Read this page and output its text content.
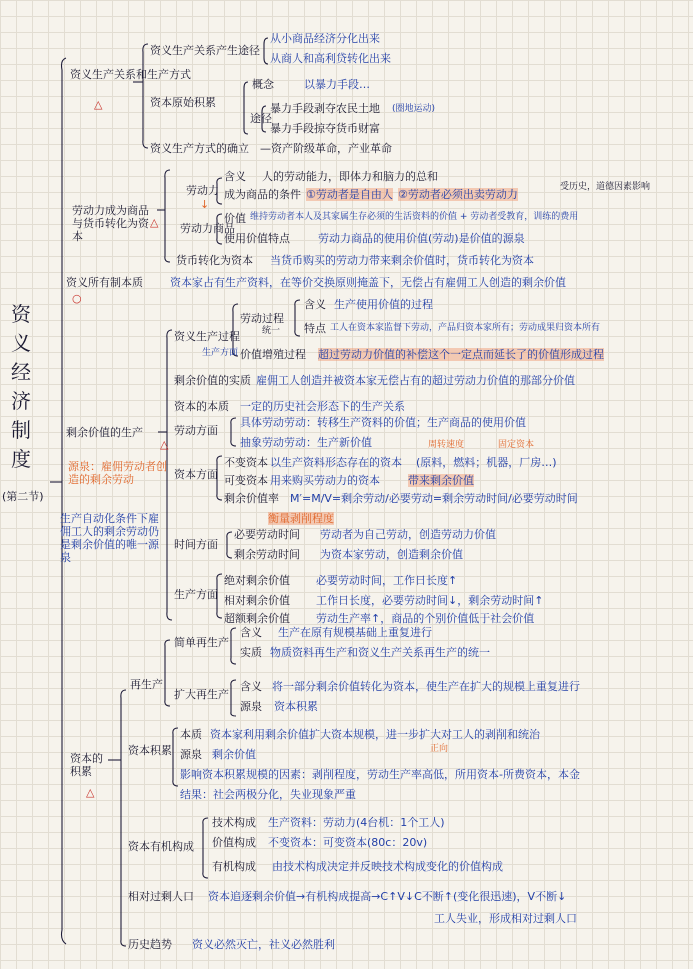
资义经济制度
(第二节)
资义生产关系和生产方式
△
资义生产关系产生途径
从小商品经济分化出来
从商人和高利贷转化出来
资本原始积累
概念	以暴力手段…
途径
暴力手段剥夺农民土地 (圈地运动)
暴力手段掠夺货币财富
资义生产方式的确立 —资产阶级革命，产业革命
劳动力成为商品与货币转化为资本
△
劳动力
含义 人的劳动能力，即体力和脑力的总和
成为商品的条件 ①劳动者是自由人 ②劳动者必须出卖劳动力
受历史，道德因素影响
↓
劳动力商品
价值 维持劳动者本人及其家属生存必须的生活资料的价值 + 劳动者受教育，训练的费用
使用价值特点	劳动力商品的使用价值(劳动)是价值的源泉
货币转化为资本 当货币购买的劳动力带来剩余价值时，货币转化为资本
资义所有制本质 资本家占有生产资料，在等价交换原则掩盖下，无偿占有雇佣工人创造的剩余价值
○
剩余价值的生产
源泉：雇佣劳动者创造的剩余劳动
生产自动化条件下雇佣工人的剩余劳动仍是剩余价值的唯一源泉
△
资义生产过程
生产方面
劳动过程
统一
含义 生产使用价值的过程
特点 工人在资本家监督下劳动，产品归资本家所有；劳动成果归资本所有
价值增殖过程 超过劳动力价值的补偿这个一定点而延长了的价值形成过程
剩余价值的实质 雇佣工人创造并被资本家无偿占有的超过劳动力价值的那部分价值
资本的本质 一定的历史社会形态下的生产关系
劳动方面
具体劳动劳动：转移生产资料的价值；生产商品的使用价值
抽象劳动劳动：生产新价值
资本方面
周转速度	固定资本
不变资本 以生产资料形态存在的资本 (原料，燃料；机器，厂房…)
可变资本 用来购买劳动力的资本	带来剩余价值
剩余价值率 M′=M/V=剩余劳动/必要劳动=剩余劳动时间/必要劳动时间
衡量剥削程度
时间方面
必要劳动时间 劳动者为自己劳动，创造劳动力价值
剩余劳动时间 为资本家劳动，创造剩余价值
生产方面
绝对剩余价值 必要劳动时间，工作日长度↑
相对剩余价值 工作日长度，必要劳动时间↓，剩余劳动时间↑
超额剩余价值 劳动生产率↑，商品的个别价值低于社会价值
资本的积累
△
再生产
简单再生产
含义 生产在原有规模基础上重复进行
实质 物质资料再生产和资义生产关系再生产的统一
扩大再生产
含义 将一部分剩余价值转化为资本，使生产在扩大的规模上重复进行
源泉 资本积累
资本积累
本质 资本家利用剩余价值扩大资本规模，进一步扩大对工人的剥削和统治
正向
源泉 剩余价值
影响资本积累规模的因素：剥削程度，劳动生产率高低，所用资本-所费资本，本金
结果：社会两极分化，失业现象严重
资本有机构成
技术构成 生产资料：劳动力(4台机：1个工人)
价值构成 不变资本：可变资本(80c：20v)
有机构成 由技术构成决定并反映技术构成变化的价值构成
相对过剩人口 资本追逐剩余价值→有机构成提高→C↑V↓C不断↑(变化很迅速)，V不断↓
工人失业，形成相对过剩人口
历史趋势 资义必然灭亡，社义必然胜利
